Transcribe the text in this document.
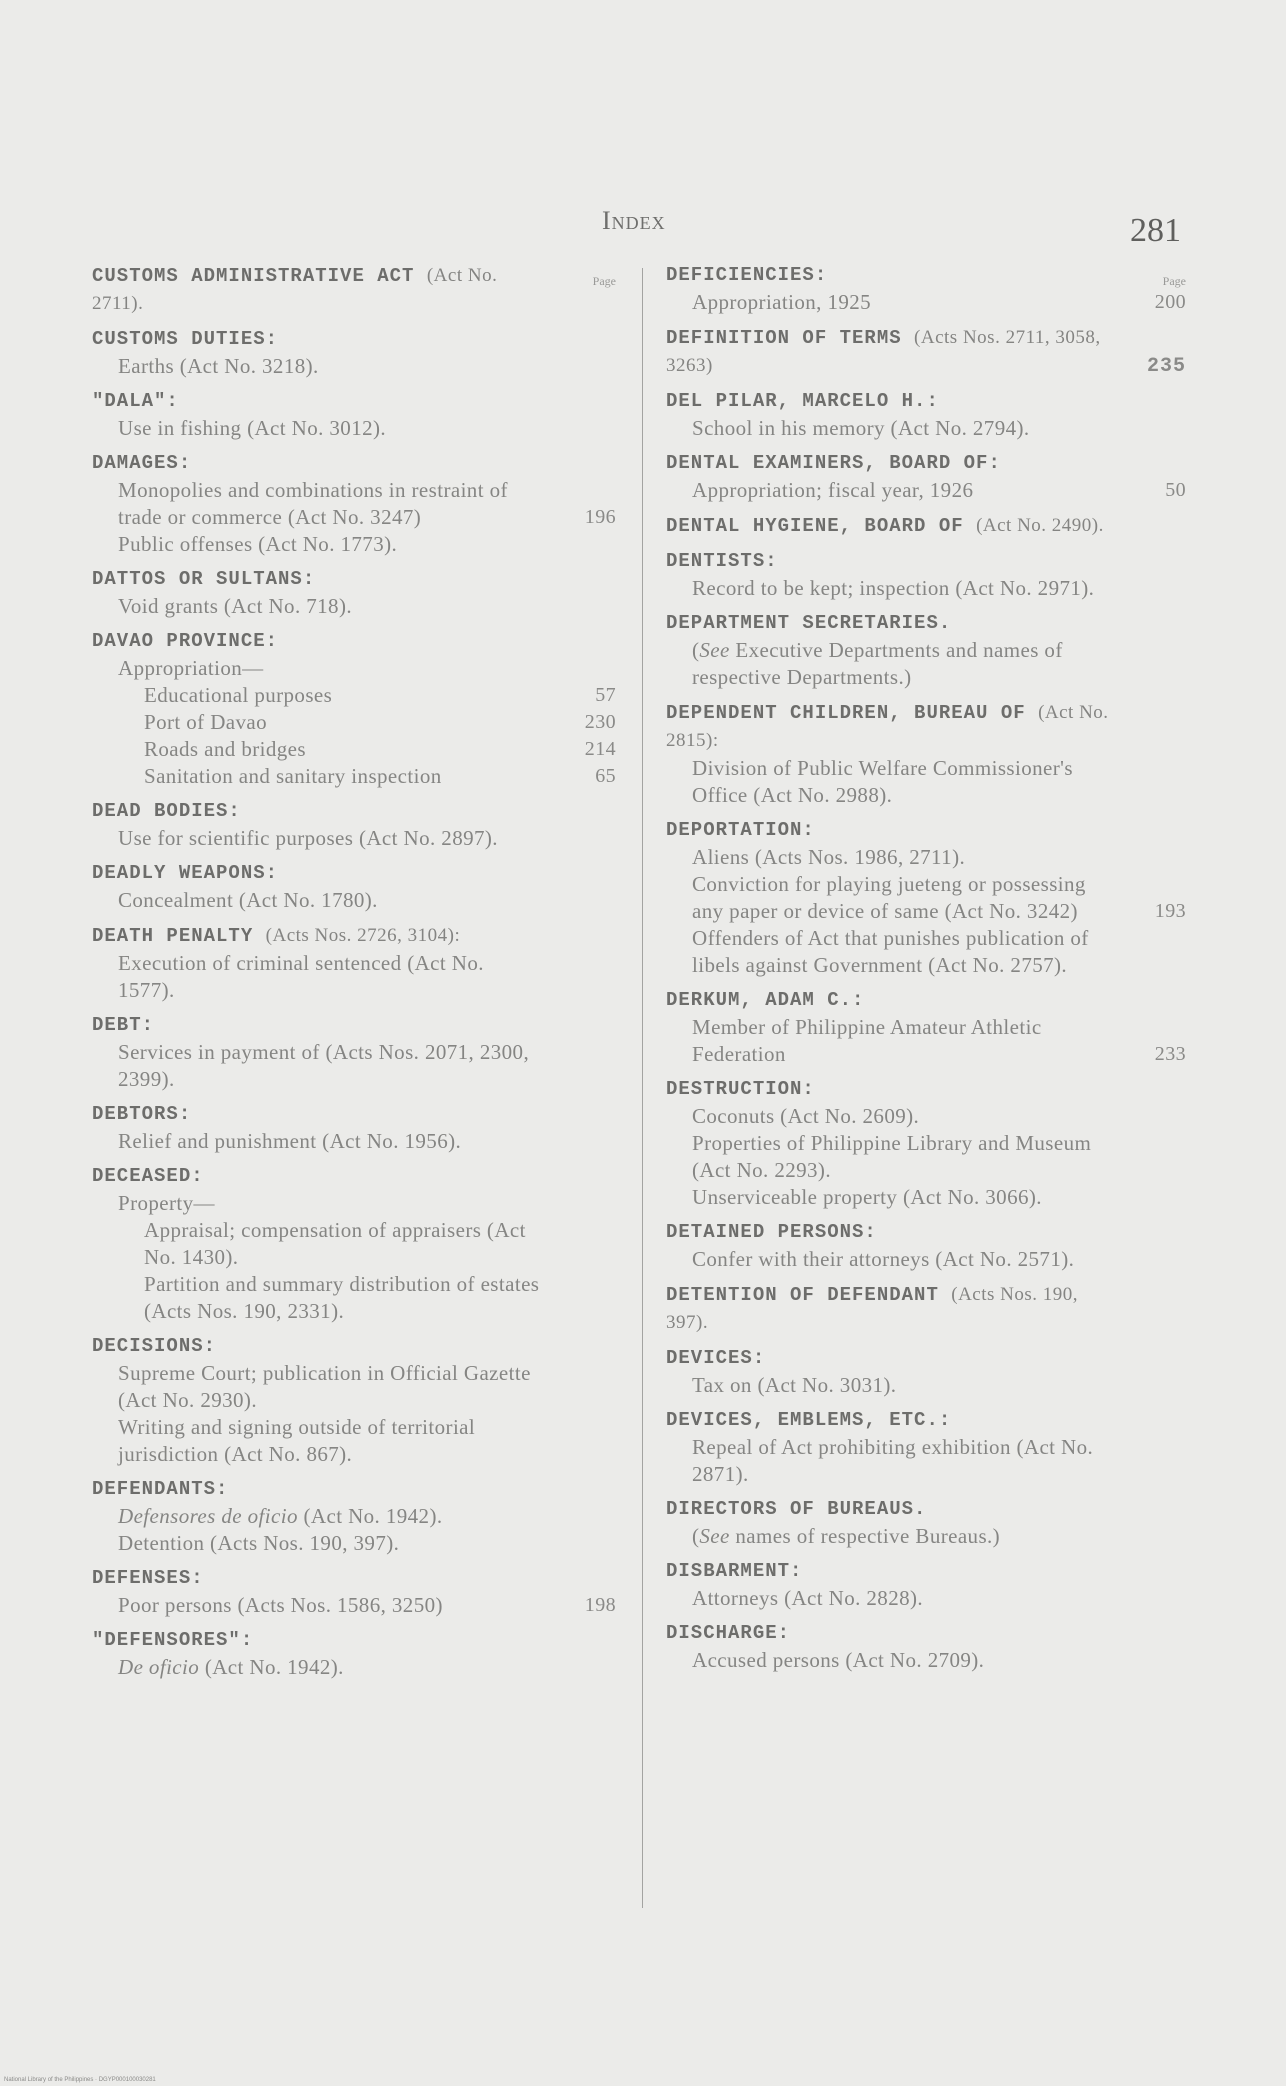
Index	281
Page
CUSTOMS ADMINISTRATIVE ACT (Act No. 2711).
CUSTOMS DUTIES:
Earths (Act No. 3218).
"DALA":
Use in fishing (Act No. 3012).
DAMAGES:
Monopolies and combinations in restraint of trade or commerce (Act No. 3247)	196
Public offenses (Act No. 1773).
DATTOS OR SULTANS:
Void grants (Act No. 718).
DAVAO PROVINCE:
Appropriation—
Educational purposes	57
Port of Davao	230
Roads and bridges	214
Sanitation and sanitary inspection	65
DEAD BODIES:
Use for scientific purposes (Act No. 2897).
DEADLY WEAPONS:
Concealment (Act No. 1780).
DEATH PENALTY (Acts Nos. 2726, 3104):
Execution of criminal sentenced (Act No. 1577).
DEBT:
Services in payment of (Acts Nos. 2071, 2300, 2399).
DEBTORS:
Relief and punishment (Act No. 1956).
DECEASED:
Property—
Appraisal; compensation of appraisers (Act No. 1430).
Partition and summary distribution of estates (Acts Nos. 190, 2331).
DECISIONS:
Supreme Court; publication in Official Gazette (Act No. 2930).
Writing and signing outside of territorial jurisdiction (Act No. 867).
DEFENDANTS:
Defensores de oficio (Act No. 1942).
Detention (Acts Nos. 190, 397).
DEFENSES:
Poor persons (Acts Nos. 1586, 3250)	198
"DEFENSORES":
De oficio (Act No. 1942).
Page
DEFICIENCIES:
Appropriation, 1925	200
DEFINITION OF TERMS (Acts Nos. 2711, 3058, 3263)	235
DEL PILAR, MARCELO H.:
School in his memory (Act No. 2794).
DENTAL EXAMINERS, BOARD OF:
Appropriation; fiscal year, 1926	50
DENTAL HYGIENE, BOARD OF (Act No. 2490).
DENTISTS:
Record to be kept; inspection (Act No. 2971).
DEPARTMENT SECRETARIES.
(See Executive Departments and names of respective Departments.)
DEPENDENT CHILDREN, BUREAU OF (Act No. 2815):
Division of Public Welfare Commissioner's Office (Act No. 2988).
DEPORTATION:
Aliens (Acts Nos. 1986, 2711).
Conviction for playing jueteng or possessing any paper or device of same (Act No. 3242)	193
Offenders of Act that punishes publication of libels against Government (Act No. 2757).
DERKUM, ADAM C.:
Member of Philippine Amateur Athletic Federation	233
DESTRUCTION:
Coconuts (Act No. 2609).
Properties of Philippine Library and Museum (Act No. 2293).
Unserviceable property (Act No. 3066).
DETAINED PERSONS:
Confer with their attorneys (Act No. 2571).
DETENTION OF DEFENDANT (Acts Nos. 190, 397).
DEVICES:
Tax on (Act No. 3031).
DEVICES, EMBLEMS, ETC.:
Repeal of Act prohibiting exhibition (Act No. 2871).
DIRECTORS OF BUREAUS.
(See names of respective Bureaus.)
DISBARMENT:
Attorneys (Act No. 2828).
DISCHARGE:
Accused persons (Act No. 2709).
National Library of the Philippines · DGYP000100030281
